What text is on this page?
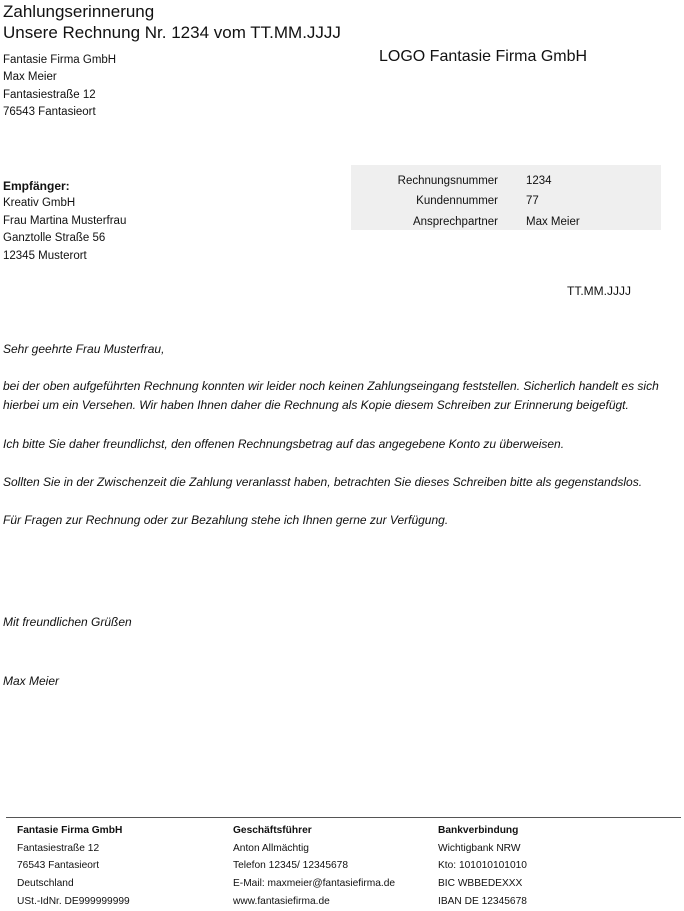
Zahlungserinnerung
Unsere Rechnung Nr. 1234 vom TT.MM.JJJJ
Fantasie Firma GmbH
Max Meier
Fantasiestraße 12
76543 Fantasieort
LOGO Fantasie Firma GmbH
Empfänger:
Kreativ GmbH
Frau Martina Musterfrau
Ganztolle Straße 56
12345 Musterort
Rechnungsnummer 1234
Kundennummer 77
Ansprechpartner Max Meier
TT.MM.JJJJ

Sehr geehrte Frau Musterfrau,

bei der oben aufgeführten Rechnung konnten wir leider noch keinen Zahlungseingang feststellen. Sicherlich handelt es sich hierbei um ein Versehen. Wir haben Ihnen daher die Rechnung als Kopie diesem Schreiben zur Erinnerung beigefügt.

Ich bitte Sie daher freundlichst, den offenen Rechnungsbetrag auf das angegebene Konto zu überweisen.

Sollten Sie in der Zwischenzeit die Zahlung veranlasst haben, betrachten Sie dieses Schreiben bitte als gegenstandslos.

Für Fragen zur Rechnung oder zur Bezahlung stehe ich Ihnen gerne zur Verfügung.

Mit freundlichen Grüßen
Max Meier
Fantasie Firma GmbH
Fantasiestraße 12
76543 Fantasieort
Deutschland
USt.-IdNr. DE999999999
Geschäftsführer
Anton Allmächtig
Telefon 12345/ 12345678
E-Mail: maxmeier@fantasiefirma.de
www.fantasiefirma.de
Bankverbindung
Wichtigbank NRW
Kto: 101010101010
BIC WBBEDEXXX
IBAN DE 12345678
